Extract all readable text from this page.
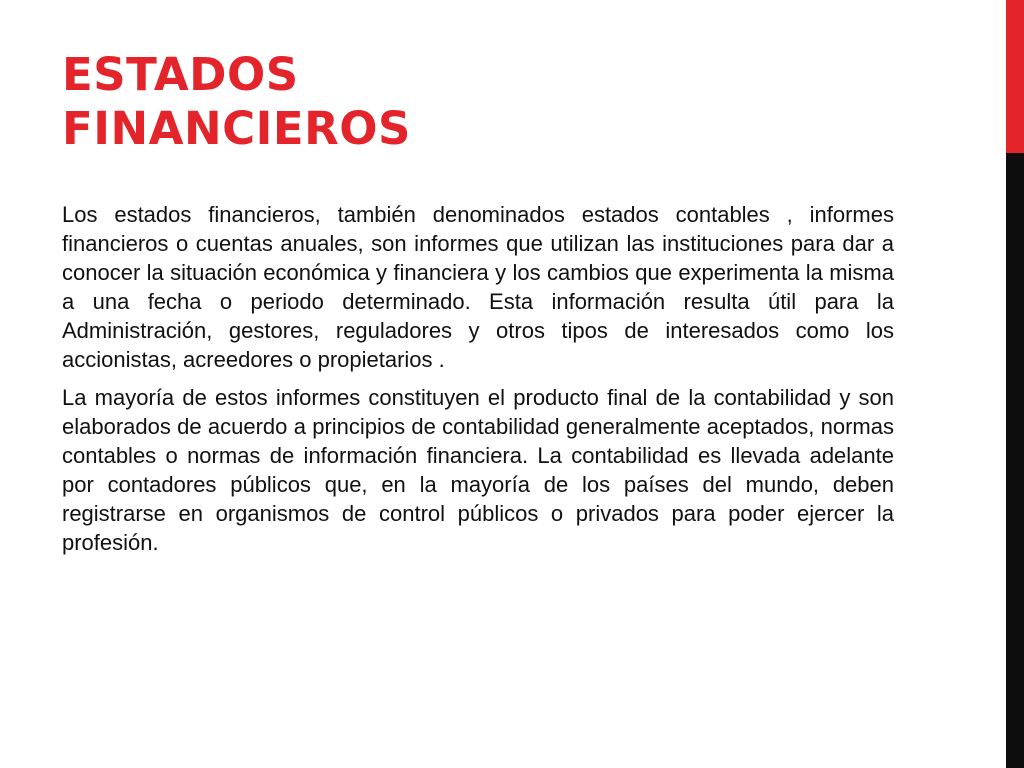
ESTADOS
FINANCIEROS

Los estados financieros, también denominados estados contables , informes financieros o cuentas anuales, son informes que utilizan las instituciones para dar a conocer la situación económica y financiera y los cambios que experimenta la misma a una fecha o periodo determinado. Esta información resulta útil para la Administración, gestores, reguladores y otros tipos de interesados como los accionistas, acreedores o propietarios .

La mayoría de estos informes constituyen el producto final de la contabilidad y son elaborados de acuerdo a principios de contabilidad generalmente aceptados, normas contables o normas de información financiera. La contabilidad es llevada adelante por contadores públicos que, en la mayoría de los países del mundo, deben registrarse en organismos de control públicos o privados para poder ejercer la profesión.
